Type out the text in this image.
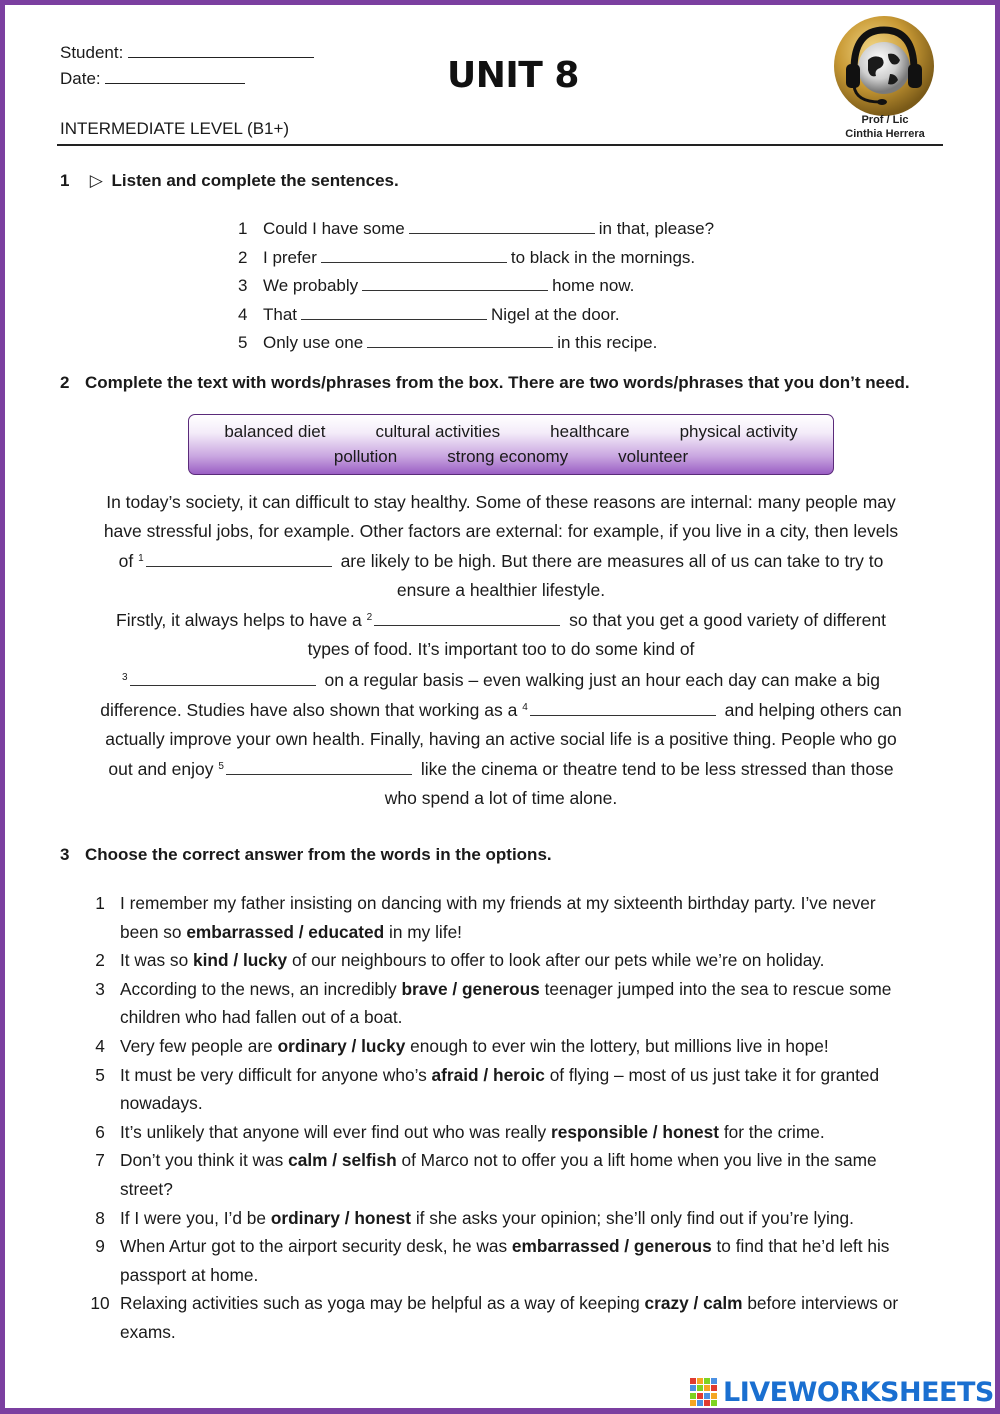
Student:
Date:	UNIT 8
INTERMEDIATE LEVEL (B1+)	Prof / Lic
Cinthia Herrera
1 ▷ Listen and complete the sentences.
1 Could I have some	in that, please?
2 I prefer	to black in the mornings.
3 We probably	home now.
4 That	Nigel at the door.
5 Only use one	in this recipe.
2 Complete the text with words/phrases from the box. There are two words/phrases that you don’t need.
balanced diet	cultural activities	healthcare	physical activity
pollution	strong economy	volunteer
In today’s society, it can difficult to stay healthy. Some of these reasons are internal: many people may have stressful jobs, for example. Other factors are external: for example, if you live in a city, then levels of $^1$	are likely to be high. But there are measures all of us can take to try to ensure a healthier lifestyle.
Firstly, it always helps to have a $^2$	so that you get a good variety of different types of food. It’s important too to do some kind of
$^3$	on a regular basis – even walking just an hour each day can make a big difference. Studies have also shown that working as a $^4$	and helping others can actually improve your own health. Finally, having an active social life is a positive thing. People who go out and enjoy $^5$	like the cinema or theatre tend to be less stressed than those who spend a lot of time alone.
3 Choose the correct answer from the words in the options.
1 I remember my father insisting on dancing with my friends at my sixteenth birthday party. I’ve never been so embarrassed / educated in my life!
2 It was so kind / lucky of our neighbours to offer to look after our pets while we’re on holiday.
3 According to the news, an incredibly brave / generous teenager jumped into the sea to rescue some children who had fallen out of a boat.
4 Very few people are ordinary / lucky enough to ever win the lottery, but millions live in hope!
5 It must be very difficult for anyone who’s afraid / heroic of flying – most of us just take it for granted nowadays.
6 It’s unlikely that anyone will ever find out who was really responsible / honest for the crime.
7 Don’t you think it was calm / selfish of Marco not to offer you a lift home when you live in the same street?
8 If I were you, I’d be ordinary / honest if she asks your opinion; she’ll only find out if you’re lying.
9 When Artur got to the airport security desk, he was embarrassed / generous to find that he’d left his passport at home.
10 Relaxing activities such as yoga may be helpful as a way of keeping crazy / calm before interviews or exams.
LIVEWORKSHEETS
